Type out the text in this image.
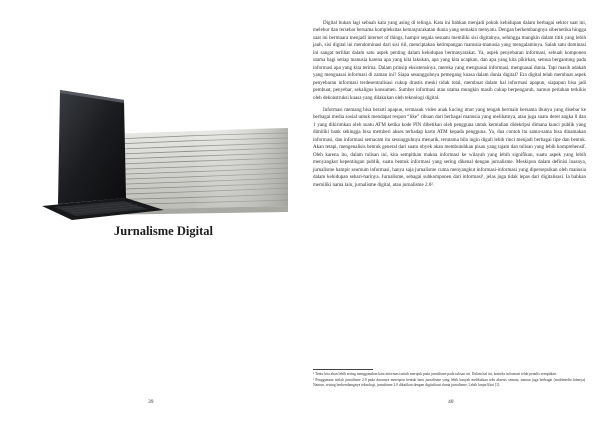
Jurnalisme Digital
39

Digital bukan lagi sebuah kata yang asing di telinga. Kata ini bahkan menjadi pokok kehidupan dalam berbagai sektor saat ini, melebur dan tersebar bersama kompleksitas kemasyarakatan dunia yang semakin menyatu. Dengan berkembangnya sibernetika hingga saat ini bermuara menjadi internet of things, hampir segala sesuatu memiliki sisi digitalnya, sehingga mungkin dalam titik yang lebih jauh, sisi digital ini mendominasi dari sisi riil, menciptakan ketimpangan manusia-manusia yang mengalaminya. Salah satu dominasi ini sangat terlihat dalam satu aspek penting dalam kehidupan bermasyarakat. Ya, aspek penyebaran informasi, sebuah komponen utama bagi setiap manusia karena apa yang kita lakukan, apa yang kita ucapkan, dan apa yang kita pikirkan, semua bergantung pada informasi apa yang kita terima. Dalam prinsip eksistensinya, mereka yang menguasai informasi, menguasai dunia. Tapi masih adakah yang menguasai informasi di zaman ini? Siapa sesungguhnya pemegang kuasa dalam dunia digital? Era digital telah membuat aspek penyebaran informasi terdesentralisasi cukup drastis meski tidak total, membuat dalam hal informasi apapun, siapapun bisa jadi pembuat, penyebar, sekaligus konsumen. Sumber informasi atau utama mungkin masih cukup berpengaruh, namun perlahan terkikis oleh dekonstruksi kuasa yang dilakukan oleh teknologi digital.

Informasi memang bisa berarti apapun, termasuk video anak kucing imut yang tengah bermain bersama ibunya yang disebar ke berbagai media sosial untuk mendapat respon “like” ribuan dari berbagai manusia yang melihatnya, atau juga suatu deret angka 0 dan 1 yang dikirimkan oleh suatu ATM ketika kode PIN dibetikan oleh pengguna untuk kemudian didekripsi dimana kunci publik yang dimiliki bank sehingga bisa memberi akses terhadap kartu ATM kepada pengguna. Ya, dua contoh itu sama-sama bisa dinamakan informasi, dan informasi semacam itu sesungguhnya menarik, terutama bila ingin digali lebih rinci menjadi berbagai tipe dan bentuk. Akan tetapi, mengenalisis bentuk general dari suatu obyek akan membutuhkan pisau yang tajam dan tulisan yang lebih komprehensif. Oleh karena itu, dalam tulisan ini, kita sempitkan makna informasi ke wilayah yang lebih signifikan, suatu aspek yang lebih menyangkut kepentingan publik, suatu bentuk informasi yang sering dikenal dengan jurnalisme. Meskipun dalam definisi luasnya, jurnalisme hampir seumum informasi, hanya saja jurnalisme cuma menyangkut informasi-informasi yang dipersepsikan oleh manusia dalam kehidupan sehari-harinya. Jurnalisme, sebagai subkomponen dari informasi¹, jelas juga tidak lepas dari digitalisasi. Ia bahkan memiliki nama lain, jurnalisme digital, atau jurnalisme 2.0².

¹ Tentu kita akan lebih sering menggunakan kata informasi untuk merujuk pada jurnalisme pada tulisan ini. Dalam hal ini, konteks informasi telah penulis sempitkan.

² Penggunaan istilah jurnalisme 2.0 pada dasarnya merespon bentuk baru jurnalisme yang lebih banyak melibatkan teks aksesis semata, namun juga berbagai (multimedia lainnya). Namun, seiring berkembangnya teknologi, jurnalisme 2.0 dikaitkan dengan digitalisasi dunia jurnalisme. Lebih lanjut lihat [1].

40
